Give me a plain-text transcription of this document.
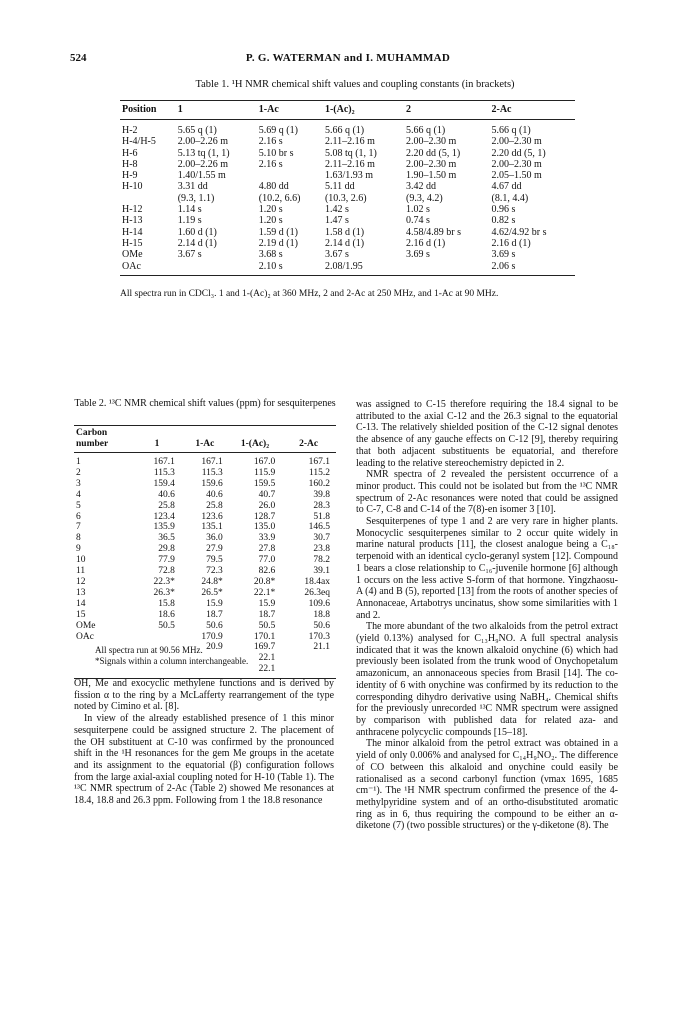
524	P. G. WATERMAN and I. MUHAMMAD
Table 1. ¹H NMR chemical shift values and coupling constants (in brackets)
Position	1	1-Ac	1-(Ac)₂	2	2-Ac
H-2	5.65 q (1)	5.69 q (1)	5.66 q (1)	5.66 q (1)	5.66 q (1)
H-4/H-5	2.00–2.26 m	2.16 s	2.11–2.16 m	2.00–2.30 m	2.00–2.30 m
H-6	5.13 tq (1, 1)	5.10 br s	5.08 tq (1, 1)	2.20 dd (5, 1)	2.20 dd (5, 1)
H-8	2.00–2.26 m	2.16 s	2.11–2.16 m	2.00–2.30 m	2.00–2.30 m
H-9	1.40/1.55 m		1.63/1.93 m	1.90–1.50 m	2.05–1.50 m
H-10	3.31 dd	4.80 dd	5.11 dd	3.42 dd	4.67 dd
	(9.3, 1.1)	(10.2, 6.6)	(10.3, 2.6)	(9.3, 4.2)	(8.1, 4.4)
H-12	1.14 s	1.20 s	1.42 s	1.02 s	0.96 s
H-13	1.19 s	1.20 s	1.47 s	0.74 s	0.82 s
H-14	1.60 d (1)	1.59 d (1)	1.58 d (1)	4.58/4.89 br s	4.62/4.92 br s
H-15	2.14 d (1)	2.19 d (1)	2.14 d (1)	2.16 d (1)	2.16 d (1)
OMe	3.67 s	3.68 s	3.67 s	3.69 s	3.69 s
OAc		2.10 s	2.08/1.95		2.06 s
All spectra run in CDCl₃. 1 and 1-(Ac)₂ at 360 MHz, 2 and 2-Ac at 250 MHz, and 1-Ac at 90 MHz.
Table 2. ¹³C NMR chemical shift values (ppm) for sesquiterpenes
Carbon
number	1	1-Ac	1-(Ac)₂	2-Ac
1	167.1	167.1	167.0	167.1
2	115.3	115.3	115.9	115.2
3	159.4	159.6	159.5	160.2
4	40.6	40.6	40.7	39.8
5	25.8	25.8	26.0	28.3
6	123.4	123.6	128.7	51.8
7	135.9	135.1	135.0	146.5
8	36.5	36.0	33.9	30.7
9	29.8	27.9	27.8	23.8
10	77.9	79.5	77.0	78.2
11	72.8	72.3	82.6	39.1
12	22.3*	24.8*	20.8*	18.4ax
13	26.3*	26.5*	22.1*	26.3eq
14	15.8	15.9	15.9	109.6
15	18.6	18.7	18.7	18.8
OMe	50.5	50.6	50.5	50.6
OAc		170.9	170.1	170.3
		20.9	169.7	21.1
			22.1	
			22.1	
All spectra run at 90.56 MHz.
*Signals within a column interchangeable.

OH, Me and exocyclic methylene functions and is derived by fission α to the ring by a McLafferty rearrangement of the type noted by Cimino et al. [8].

In view of the already established presence of 1 this minor sesquiterpene could be assigned structure 2. The placement of the OH substituent at C-10 was confirmed by the pronounced shift in the ¹H resonances for the gem Me groups in the acetate and its assignment to the equatorial (β) configuration follows from the large axial-axial coupling noted for H-10 (Table 1). The ¹³C NMR spectrum of 2-Ac (Table 2) showed Me resonances at 18.4, 18.8 and 26.3 ppm. Following from 1 the 18.8 resonance

was assigned to C-15 therefore requiring the 18.4 signal to be attributed to the axial C-12 and the 26.3 signal to the equatorial C-13. The relatively shielded position of the C-12 signal denotes the absence of any gauche effects on C-12 [9], thereby requiring that both adjacent substituents be equatorial, and therefore leading to the relative stereochemistry depicted in 2.

NMR spectra of 2 revealed the persistent occurrence of a minor product. This could not be isolated but from the ¹³C NMR spectrum of 2-Ac resonances were noted that could be assigned to C-7, C-8 and C-14 of the 7(8)-en isomer 3 [10].

Sesquiterpenes of type 1 and 2 are very rare in higher plants. Monocyclic sesquiterpenes similar to 2 occur quite widely in marine natural products [11], the closest analogue being a C₁₈-terpenoid with an identical cyclo-geranyl system [12]. Compound 1 bears a close relationship to C₁₆-juvenile hormone [6] although 1 occurs on the less active S-form of that hormone. Yingzhaosu-A (4) and B (5), reported [13] from the roots of another species of Annonaceae, Artabotrys uncinatus, show some similarities with 1 and 2.

The more abundant of the two alkaloids from the petrol extract (yield 0.13%) analysed for C₁₃H₉NO. A full spectral analysis indicated that it was the known alkaloid onychine (6) which had previously been isolated from the trunk wood of Onychopetalum amazonicum, an annonaceous species from Brasil [14]. The co-identity of 6 with onychine was confirmed by its reduction to the corresponding dihydro derivative using NaBH₄. Chemical shifts for the previously unrecorded ¹³C NMR spectrum were assigned by comparison with published data for related aza- and anthracene polycyclic compounds [15–18].

The minor alkaloid from the petrol extract was obtained in a yield of only 0.006% and analysed for C₁₄H₉NO₂. The difference of CO between this alkaloid and onychine could easily be rationalised as a second carbonyl function (νmax 1695, 1685 cm⁻¹). The ¹H NMR spectrum confirmed the presence of the 4-methylpyridine system and of an ortho-disubstituted aromatic ring as in 6, thus requiring the compound to be either an α-diketone (7) (two possible structures) or the γ-diketone (8). The
